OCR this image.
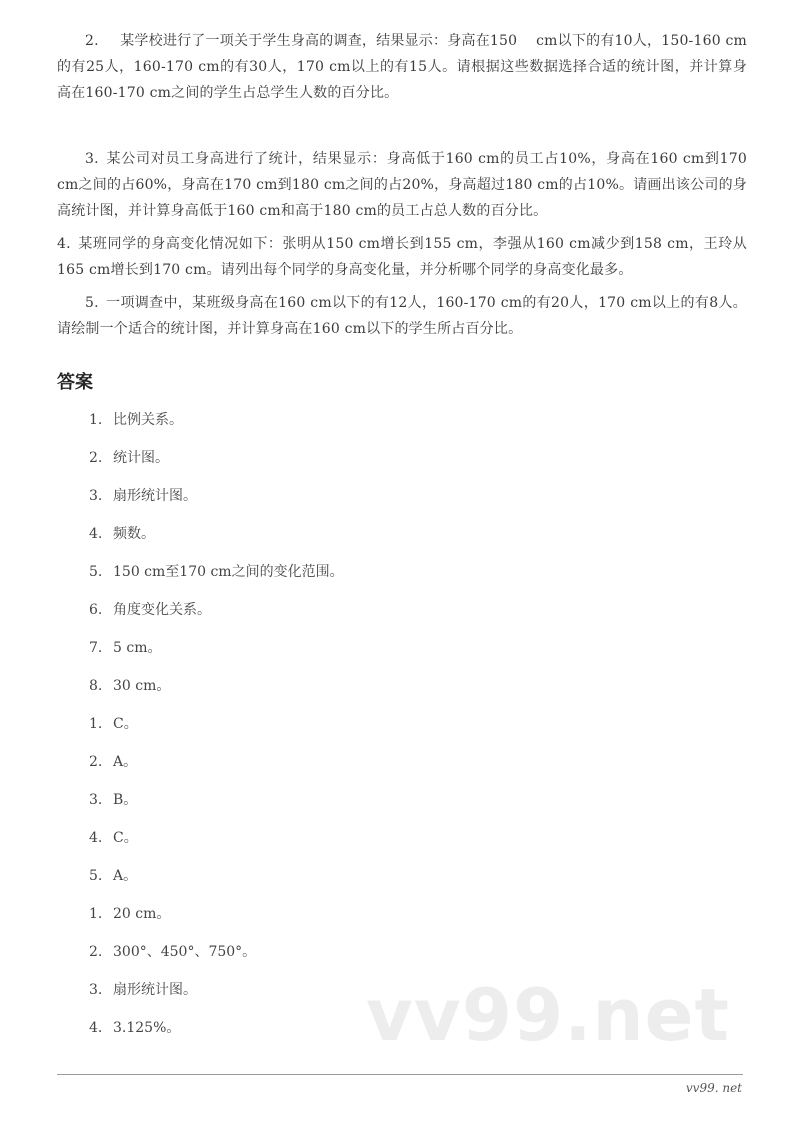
vv99.net

2.   某学校进行了一项关于学生身高的调查，结果显示：身高在150　 cm以下的有10人，150-160 cm的有25人，160-170 cm的有30人，170 cm以上的有15人。请根据这些数据选择合适的统计图，并计算身高在160-170 cm之间的学生占总学生人数的百分比。

3.  某公司对员工身高进行了统计，结果显示：身高低于160 cm的员工占10%，身高在160 cm到170 cm之间的占60%，身高在170 cm到180 cm之间的占20%，身高超过180 cm的占10%。请画出该公司的身高统计图，并计算身高低于160 cm和高于180 cm的员工占总人数的百分比。

4.  某班同学的身高变化情况如下：张明从150 cm增长到155 cm，李强从160 cm减少到158 cm，王玲从165 cm增长到170 cm。请列出每个同学的身高变化量，并分析哪个同学的身高变化最多。

5.  一项调查中，某班级身高在160 cm以下的有12人，160-170 cm的有20人，170 cm以上的有8人。请绘制一个适合的统计图，并计算身高在160 cm以下的学生所占百分比。

答案
1. 比例关系。
2. 统计图。
3. 扇形统计图。
4. 频数。
5. 150 cm至170 cm之间的变化范围。
6. 角度变化关系。
7. 5 cm。
8. 30 cm。
1. C。
2. A。
3. B。
4. C。
5. A。
1. 20 cm。
2. 300°、450°、750°。
3. 扇形统计图。
4. 3.125%。
vv99. net
